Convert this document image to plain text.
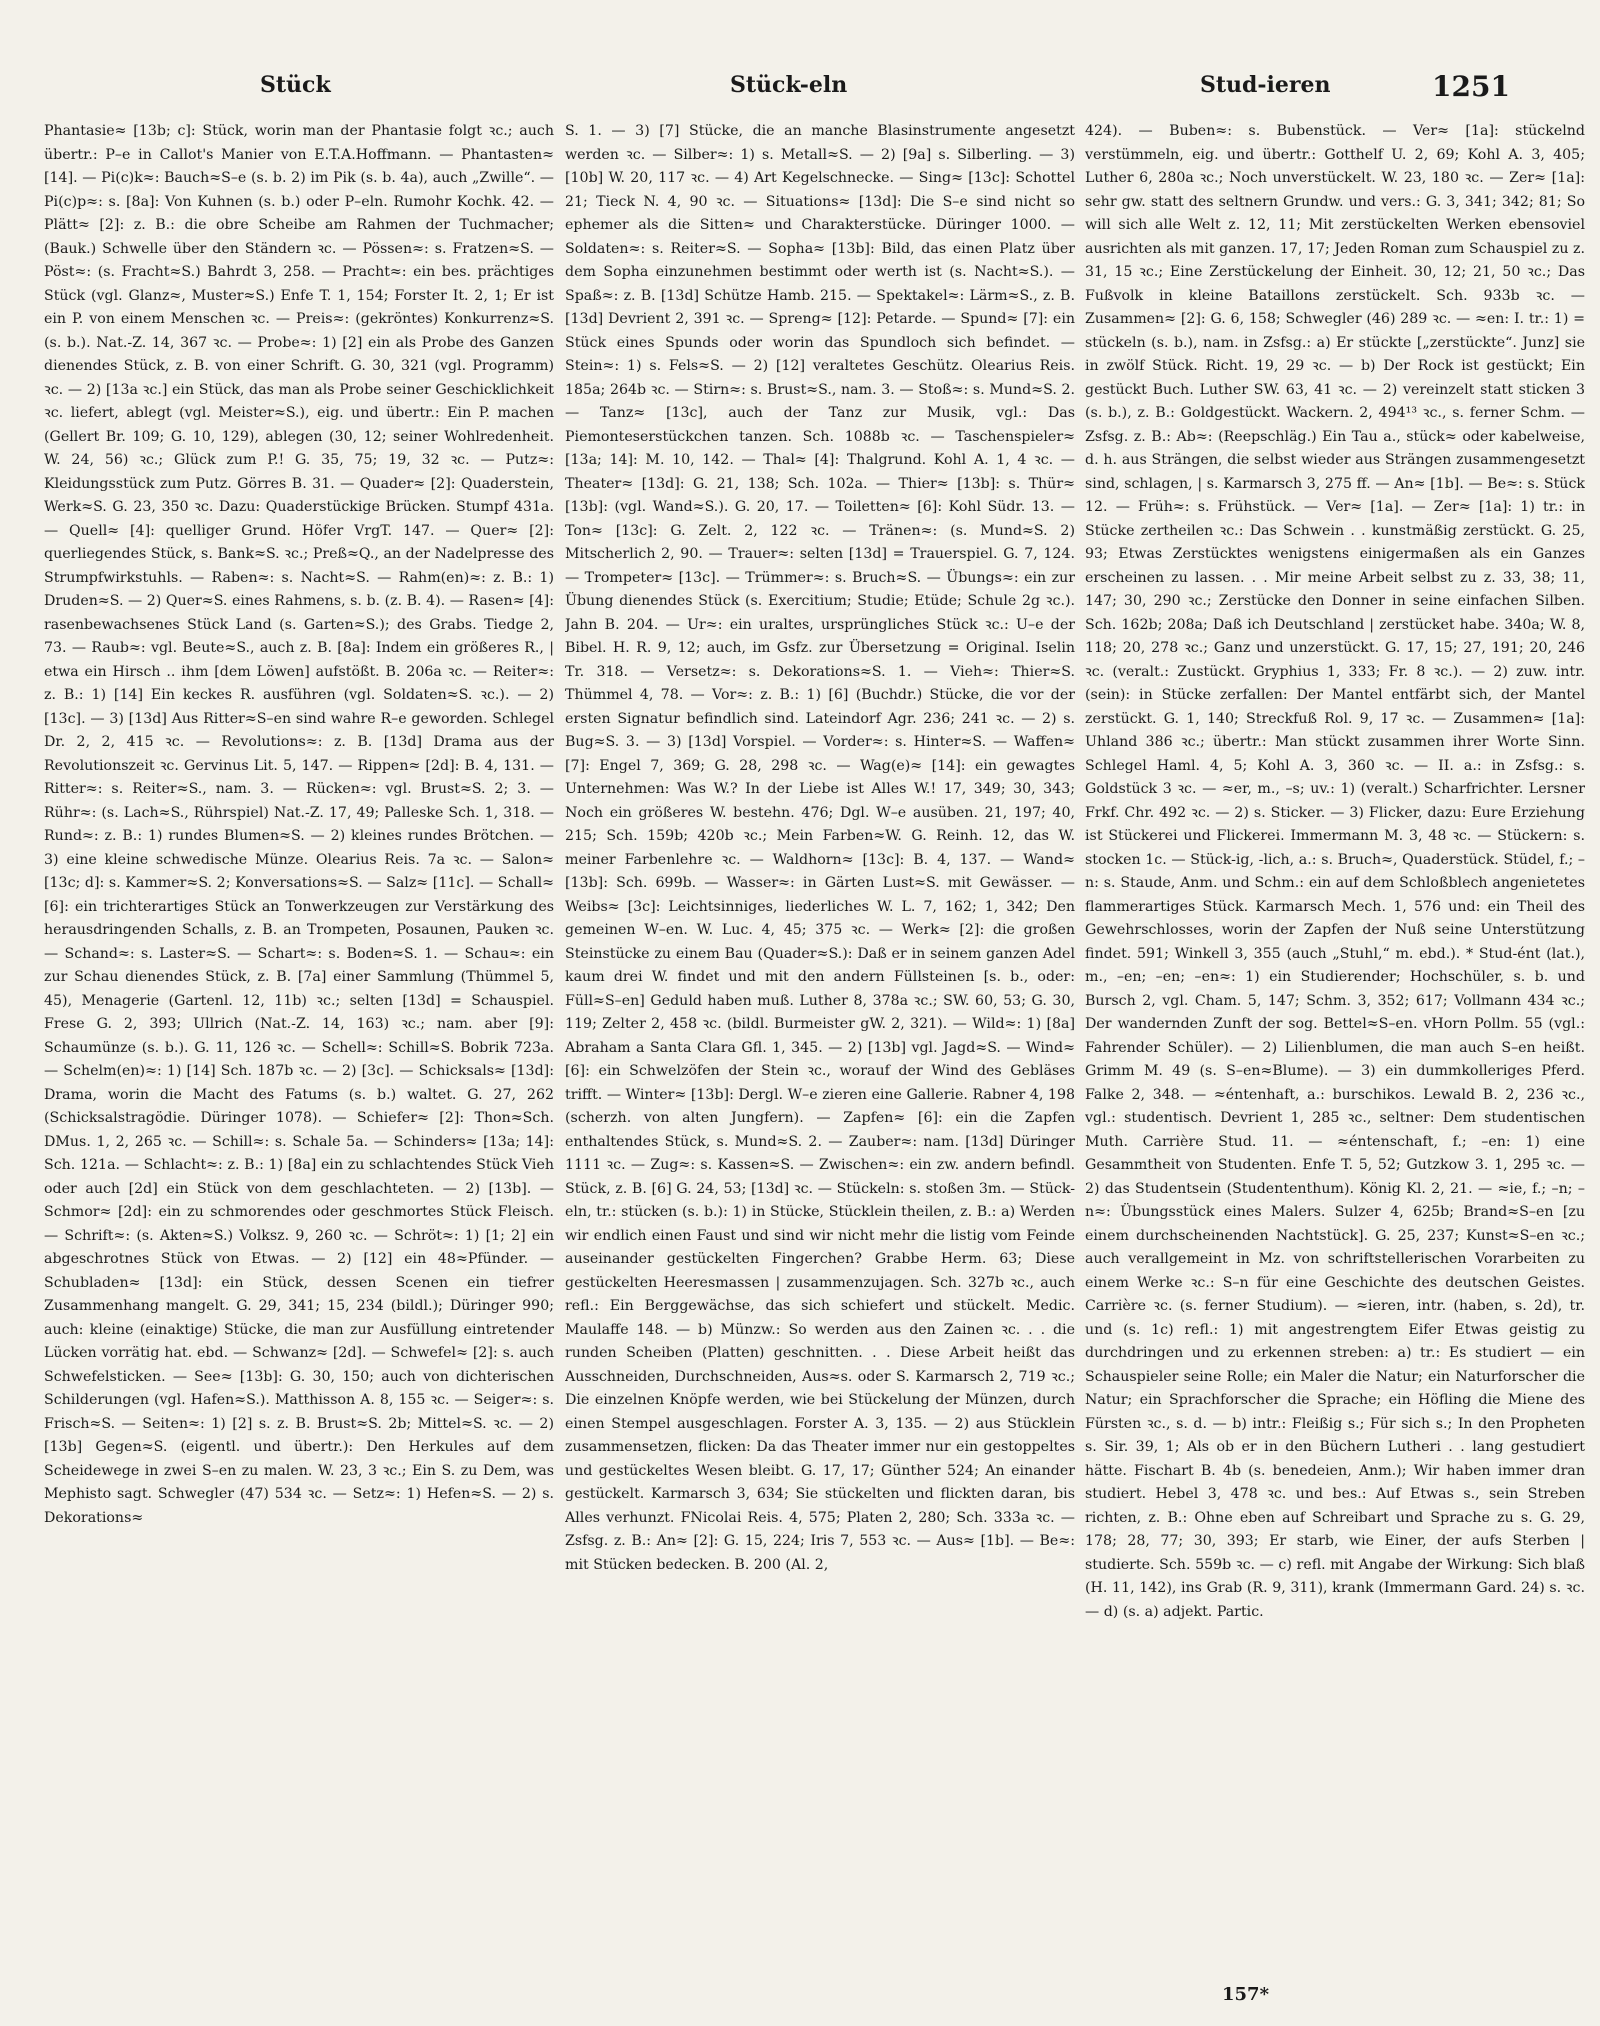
Stück	Stück-eln	Stud-ieren	1251

Phantasie≈ [13b; c]: Stück, worin man der Phantasie folgt ꝛc.; auch übertr.: P–e in Callot's Manier von E.T.A.Hoffmann. — Phantasten≈ [14]. — Pi(c)k≈: Bauch≈S–e (s. b. 2) im Pik (s. b. 4a), auch „Zwille“. — Pi(c)p≈: s. [8a]: Von Kuhnen (s. b.) oder P–eln. Rumohr Kochk. 42. — Plätt≈ [2]: z. B.: die obre Scheibe am Rahmen der Tuchmacher; (Bauk.) Schwelle über den Ständern ꝛc. — Pössen≈: s. Fratzen≈S. — Pöst≈: (s. Fracht≈S.) Bahrdt 3, 258. — Pracht≈: ein bes. prächtiges Stück (vgl. Glanz≈, Muster≈S.) Enfe T. 1, 154; Forster It. 2, 1; Er ist ein P. von einem Menschen ꝛc. — Preis≈: (gekröntes) Konkurrenz≈S. (s. b.). Nat.-Z. 14, 367 ꝛc. — Probe≈: 1) [2] ein als Probe des Ganzen dienendes Stück, z. B. von einer Schrift. G. 30, 321 (vgl. Programm) ꝛc. — 2) [13a ꝛc.] ein Stück, das man als Probe seiner Geschicklichkeit ꝛc. liefert, ablegt (vgl. Meister≈S.), eig. und übertr.: Ein P. machen (Gellert Br. 109; G. 10, 129), ablegen (30, 12; seiner Wohlredenheit. W. 24, 56) ꝛc.; Glück zum P.! G. 35, 75; 19, 32 ꝛc. — Putz≈: Kleidungsstück zum Putz. Görres B. 31. — Quader≈ [2]: Quaderstein, Werk≈S. G. 23, 350 ꝛc. Dazu: Quaderstückige Brücken. Stumpf 431a. — Quell≈ [4]: quelliger Grund. Höfer VrgT. 147. — Quer≈ [2]: querliegendes Stück, s. Bank≈S. ꝛc.; Preß≈Q., an der Nadelpresse des Strumpfwirkstuhls. — Raben≈: s. Nacht≈S. — Rahm(en)≈: z. B.: 1) Druden≈S. — 2) Quer≈S. eines Rahmens, s. b. (z. B. 4). — Rasen≈ [4]: rasenbewachsenes Stück Land (s. Garten≈S.); des Grabs. Tiedge 2, 73. — Raub≈: vgl. Beute≈S., auch z. B. [8a]: Indem ein größeres R., | etwa ein Hirsch .. ihm [dem Löwen] aufstößt. B. 206a ꝛc. — Reiter≈: z. B.: 1) [14] Ein keckes R. ausführen (vgl. Soldaten≈S. ꝛc.). — 2) [13c]. — 3) [13d] Aus Ritter≈S–en sind wahre R–e geworden. Schlegel Dr. 2, 2, 415 ꝛc. — Revolutions≈: z. B. [13d] Drama aus der Revolutionszeit ꝛc. Gervinus Lit. 5, 147. — Rippen≈ [2d]: B. 4, 131. — Ritter≈: s. Reiter≈S., nam. 3. — Rücken≈: vgl. Brust≈S. 2; 3. — Rühr≈: (s. Lach≈S., Rührspiel) Nat.-Z. 17, 49; Palleske Sch. 1, 318. — Rund≈: z. B.: 1) rundes Blumen≈S. — 2) kleines rundes Brötchen. — 3) eine kleine schwedische Münze. Olearius Reis. 7a ꝛc. — Salon≈ [13c; d]: s. Kammer≈S. 2; Konversations≈S. — Salz≈ [11c]. — Schall≈ [6]: ein trichterartiges Stück an Tonwerkzeugen zur Verstärkung des herausdringenden Schalls, z. B. an Trompeten, Posaunen, Pauken ꝛc. — Schand≈: s. Laster≈S. — Schart≈: s. Boden≈S. 1. — Schau≈: ein zur Schau dienendes Stück, z. B. [7a] einer Sammlung (Thümmel 5, 45), Menagerie (Gartenl. 12, 11b) ꝛc.; selten [13d] = Schauspiel. Frese G. 2, 393; Ullrich (Nat.-Z. 14, 163) ꝛc.; nam. aber [9]: Schaumünze (s. b.). G. 11, 126 ꝛc. — Schell≈: Schill≈S. Bobrik 723a. — Schelm(en)≈: 1) [14] Sch. 187b ꝛc. — 2) [3c]. — Schicksals≈ [13d]: Drama, worin die Macht des Fatums (s. b.) waltet. G. 27, 262 (Schicksalstragödie. Düringer 1078). — Schiefer≈ [2]: Thon≈Sch. DMus. 1, 2, 265 ꝛc. — Schill≈: s. Schale 5a. — Schinders≈ [13a; 14]: Sch. 121a. — Schlacht≈: z. B.: 1) [8a] ein zu schlachtendes Stück Vieh oder auch [2d] ein Stück von dem geschlachteten. — 2) [13b]. — Schmor≈ [2d]: ein zu schmorendes oder geschmortes Stück Fleisch. — Schrift≈: (s. Akten≈S.) Volksz. 9, 260 ꝛc. — Schröt≈: 1) [1; 2] ein abgeschrotnes Stück von Etwas. — 2) [12] ein 48≈Pfünder. — Schubladen≈ [13d]: ein Stück, dessen Scenen ein tiefrer Zusammenhang mangelt. G. 29, 341; 15, 234 (bildl.); Düringer 990; auch: kleine (einaktige) Stücke, die man zur Ausfüllung eintretender Lücken vorrätig hat. ebd. — Schwanz≈ [2d]. — Schwefel≈ [2]: s. auch Schwefelsticken. — See≈ [13b]: G. 30, 150; auch von dichterischen Schilderungen (vgl. Hafen≈S.). Matthisson A. 8, 155 ꝛc. — Seiger≈: s. Frisch≈S. — Seiten≈: 1) [2] s. z. B. Brust≈S. 2b; Mittel≈S. ꝛc. — 2) [13b] Gegen≈S. (eigentl. und übertr.): Den Herkules auf dem Scheidewege in zwei S–en zu malen. W. 23, 3 ꝛc.; Ein S. zu Dem, was Mephisto sagt. Schwegler (47) 534 ꝛc. — Setz≈: 1) Hefen≈S. — 2) s. Dekorations≈

S. 1. — 3) [7] Stücke, die an manche Blasinstrumente angesetzt werden ꝛc. — Silber≈: 1) s. Metall≈S. — 2) [9a] s. Silberling. — 3) [10b] W. 20, 117 ꝛc. — 4) Art Kegelschnecke. — Sing≈ [13c]: Schottel 21; Tieck N. 4, 90 ꝛc. — Situations≈ [13d]: Die S–e sind nicht so ephemer als die Sitten≈ und Charakterstücke. Düringer 1000. — Soldaten≈: s. Reiter≈S. — Sopha≈ [13b]: Bild, das einen Platz über dem Sopha einzunehmen bestimmt oder werth ist (s. Nacht≈S.). — Spaß≈: z. B. [13d] Schütze Hamb. 215. — Spektakel≈: Lärm≈S., z. B. [13d] Devrient 2, 391 ꝛc. — Spreng≈ [12]: Petarde. — Spund≈ [7]: ein Stück eines Spunds oder worin das Spundloch sich befindet. — Stein≈: 1) s. Fels≈S. — 2) [12] veraltetes Geschütz. Olearius Reis. 185a; 264b ꝛc. — Stirn≈: s. Brust≈S., nam. 3. — Stoß≈: s. Mund≈S. 2. — Tanz≈ [13c], auch der Tanz zur Musik, vgl.: Das Piemonteserstückchen tanzen. Sch. 1088b ꝛc. — Taschenspieler≈ [13a; 14]: M. 10, 142. — Thal≈ [4]: Thalgrund. Kohl A. 1, 4 ꝛc. — Theater≈ [13d]: G. 21, 138; Sch. 102a. — Thier≈ [13b]: s. Thür≈ [13b]: (vgl. Wand≈S.). G. 20, 17. — Toiletten≈ [6]: Kohl Südr. 13. — Ton≈ [13c]: G. Zelt. 2, 122 ꝛc. — Tränen≈: (s. Mund≈S. 2) Mitscherlich 2, 90. — Trauer≈: selten [13d] = Trauerspiel. G. 7, 124. — Trompeter≈ [13c]. — Trümmer≈: s. Bruch≈S. — Übungs≈: ein zur Übung dienendes Stück (s. Exercitium; Studie; Etüde; Schule 2g ꝛc.). Jahn B. 204. — Ur≈: ein uraltes, ursprüngliches Stück ꝛc.: U–e der Bibel. H. R. 9, 12; auch, im Gsfz. zur Übersetzung = Original. Iselin Tr. 318. — Versetz≈: s. Dekorations≈S. 1. — Vieh≈: Thier≈S. Thümmel 4, 78. — Vor≈: z. B.: 1) [6] (Buchdr.) Stücke, die vor der ersten Signatur befindlich sind. Lateindorf Agr. 236; 241 ꝛc. — 2) s. Bug≈S. 3. — 3) [13d] Vorspiel. — Vorder≈: s. Hinter≈S. — Waffen≈ [7]: Engel 7, 369; G. 28, 298 ꝛc. — Wag(e)≈ [14]: ein gewagtes Unternehmen: Was W.? In der Liebe ist Alles W.! 17, 349; 30, 343; Noch ein größeres W. bestehn. 476; Dgl. W–e ausüben. 21, 197; 40, 215; Sch. 159b; 420b ꝛc.; Mein Farben≈W. G. Reinh. 12, das W. meiner Farbenlehre ꝛc. — Waldhorn≈ [13c]: B. 4, 137. — Wand≈ [13b]: Sch. 699b. — Wasser≈: in Gärten Lust≈S. mit Gewässer. — Weibs≈ [3c]: Leichtsinniges, liederliches W. L. 7, 162; 1, 342; Den gemeinen W–en. W. Luc. 4, 45; 375 ꝛc. — Werk≈ [2]: die großen Steinstücke zu einem Bau (Quader≈S.): Daß er in seinem ganzen Adel kaum drei W. findet und mit den andern Füllsteinen [s. b., oder: Füll≈S–en] Geduld haben muß. Luther 8, 378a ꝛc.; SW. 60, 53; G. 30, 119; Zelter 2, 458 ꝛc. (bildl. Burmeister gW. 2, 321). — Wild≈: 1) [8a] Abraham a Santa Clara Gfl. 1, 345. — 2) [13b] vgl. Jagd≈S. — Wind≈ [6]: ein Schwelzöfen der Stein ꝛc., worauf der Wind des Gebläses trifft. — Winter≈ [13b]: Dergl. W–e zieren eine Gallerie. Rabner 4, 198 (scherzh. von alten Jungfern). — Zapfen≈ [6]: ein die Zapfen enthaltendes Stück, s. Mund≈S. 2. — Zauber≈: nam. [13d] Düringer 1111 ꝛc. — Zug≈: s. Kassen≈S. — Zwischen≈: ein zw. andern befindl. Stück, z. B. [6] G. 24, 53; [13d] ꝛc. — Stückeln: s. stoßen 3m. — Stück-eln, tr.: stücken (s. b.): 1) in Stücke, Stücklein theilen, z. B.: a) Werden wir endlich einen Faust und sind wir nicht mehr die listig vom Feinde auseinander gestückelten Fingerchen? Grabbe Herm. 63; Diese gestückelten Heeresmassen | zusammenzujagen. Sch. 327b ꝛc., auch refl.: Ein Berggewächse, das sich schiefert und stückelt. Medic. Maulaffe 148. — b) Münzw.: So werden aus den Zainen ꝛc. . . die runden Scheiben (Platten) geschnitten. . . Diese Arbeit heißt das Ausschneiden, Durchschneiden, Aus≈s. oder S. Karmarsch 2, 719 ꝛc.; Die einzelnen Knöpfe werden, wie bei Stückelung der Münzen, durch einen Stempel ausgeschlagen. Forster A. 3, 135. — 2) aus Stücklein zusammensetzen, flicken: Da das Theater immer nur ein gestoppeltes und gestückeltes Wesen bleibt. G. 17, 17; Günther 524; An einander gestückelt. Karmarsch 3, 634; Sie stückelten und flickten daran, bis Alles verhunzt. FNicolai Reis. 4, 575; Platen 2, 280; Sch. 333a ꝛc. — Zsfsg. z. B.: An≈ [2]: G. 15, 224; Iris 7, 553 ꝛc. — Aus≈ [1b]. — Be≈: mit Stücken bedecken. B. 200 (Al. 2,

424). — Buben≈: s. Bubenstück. — Ver≈ [1a]: stückelnd verstümmeln, eig. und übertr.: Gotthelf U. 2, 69; Kohl A. 3, 405; Luther 6, 280a ꝛc.; Noch unverstückelt. W. 23, 180 ꝛc. — Zer≈ [1a]: sehr gw. statt des seltnern Grundw. und verѕ.: G. 3, 341; 342; 81; So will sich alle Welt z. 12, 11; Mit zerstückelten Werken ebensoviel ausrichten als mit ganzen. 17, 17; Jeden Roman zum Schauspiel zu z. 31, 15 ꝛc.; Eine Zerstückelung der Einheit. 30, 12; 21, 50 ꝛc.; Das Fußvolk in kleine Bataillons zerstückelt. Sch. 933b ꝛc. — Zusammen≈ [2]: G. 6, 158; Schwegler (46) 289 ꝛc. — ≈en: I. tr.: 1) = stückeln (s. b.), nam. in Zsfsg.: a) Er stückte [„zerstückte“. Junz] sie in zwölf Stück. Richt. 19, 29 ꝛc. — b) Der Rock ist gestückt; Ein gestückt Buch. Luther SW. 63, 41 ꝛc. — 2) vereinzelt statt sticken 3 (s. b.), z. B.: Goldgestückt. Wackern. 2, 494¹³ ꝛc., s. ferner Schm. — Zsfsg. z. B.: Ab≈: (Reepschläg.) Ein Tau a., stück≈ oder kabelweise, d. h. aus Strängen, die selbst wieder aus Strängen zusammengesetzt sind, schlagen, | s. Karmarsch 3, 275 ff. — An≈ [1b]. — Be≈: s. Stück 12. — Früh≈: s. Frühstück. — Ver≈ [1a]. — Zer≈ [1a]: 1) tr.: in Stücke zertheilen ꝛc.: Das Schwein . . kunstmäßig zerstückt. G. 25, 93; Etwas Zerstücktes wenigstens einigermaßen als ein Ganzes erscheinen zu lassen. . . Mir meine Arbeit selbst zu z. 33, 38; 11, 147; 30, 290 ꝛc.; Zerstücke den Donner in seine einfachen Silben. Sch. 162b; 208a; Daß ich Deutschland | zerstücket habe. 340a; W. 8, 118; 20, 278 ꝛc.; Ganz und unzerstückt. G. 17, 15; 27, 191; 20, 246 ꝛc. (veralt.: Zustückt. Gryphius 1, 333; Fr. 8 ꝛc.). — 2) zuw. intr. (sein): in Stücke zerfallen: Der Mantel entfärbt sich, der Mantel zerstückt. G. 1, 140; Streckfuß Rol. 9, 17 ꝛc. — Zusammen≈ [1a]: Uhland 386 ꝛc.; übertr.: Man stückt zusammen ihrer Worte Sinn. Schlegel Haml. 4, 5; Kohl A. 3, 360 ꝛc. — II. a.: in Zsfsg.: s. Goldstück 3 ꝛc. — ≈er, m., –s; uv.: 1) (veralt.) Scharfrichter. Lersner Frkf. Chr. 492 ꝛc. — 2) s. Sticker. — 3) Flicker, dazu: Eure Erziehung ist Stückerei und Flickerei. Immermann M. 3, 48 ꝛc. — Stückern: s. stocken 1c. — Stück-ig, -lich, a.: s. Bruch≈, Quaderstück. Stüdel, f.; –n: s. Staude, Anm. und Schm.: ein auf dem Schloßblech angenietetes flammerartiges Stück. Karmarsch Mech. 1, 576 und: ein Theil des Gewehrschlosses, worin der Zapfen der Nuß seine Unterstützung findet. 591; Winkell 3, 355 (auch „Stuhl,“ m. ebd.). * Stud-ént (lat.), m., –en; –en; –en≈: 1) ein Studierender; Hochschüler, s. b. und Bursch 2, vgl. Cham. 5, 147; Schm. 3, 352; 617; Vollmann 434 ꝛc.; Der wandernden Zunft der sog. Bettel≈S–en. vHorn Pollm. 55 (vgl.: Fahrender Schüler). — 2) Lilienblumen, die man auch S–en heißt. Grimm M. 49 (s. S–en≈Blume). — 3) ein dummkolleriges Pferd. Falke 2, 348. — ≈éntenhaft, a.: burschikos. Lewald B. 2, 236 ꝛc., vgl.: studentisch. Devrient 1, 285 ꝛc., seltner: Dem studentischen Muth. Carrière Stud. 11. — ≈éntenschaft, f.; –en: 1) eine Gesammtheit von Studenten. Enfe T. 5, 52; Gutzkow 3. 1, 295 ꝛc. — 2) das Studentsein (Studententhum). König Kl. 2, 21. — ≈ie, f.; –n; –n≈: Übungsstück eines Malers. Sulzer 4, 625b; Brand≈S–en [zu einem durchscheinenden Nachtstück]. G. 25, 237; Kunst≈S–en ꝛc.; auch verallgemeint in Mz. von schriftstellerischen Vorarbeiten zu einem Werke ꝛc.: S–n für eine Geschichte des deutschen Geistes. Carrière ꝛc. (s. ferner Studium). — ≈ieren, intr. (haben, s. 2d), tr. und (s. 1c) refl.: 1) mit angestrengtem Eifer Etwas geistig zu durchdringen und zu erkennen streben: a) tr.: Es studiert — ein Schauspieler seine Rolle; ein Maler die Natur; ein Naturforscher die Natur; ein Sprachforscher die Sprache; ein Höfling die Miene des Fürsten ꝛc., s. d. — b) intr.: Fleißig s.; Für sich s.; In den Propheten s. Sir. 39, 1; Als ob er in den Büchern Lutheri . . lang gestudiert hätte. Fischart B. 4b (s. benedeien, Anm.); Wir haben immer dran studiert. Hebel 3, 478 ꝛc. und bes.: Auf Etwas s., sein Streben richten, z. B.: Ohne eben auf Schreibart und Sprache zu s. G. 29, 178; 28, 77; 30, 393; Er starb, wie Einer, der aufs Sterben | studierte. Sch. 559b ꝛc. — c) refl. mit Angabe der Wirkung: Sich blaß (H. 11, 142), ins Grab (R. 9, 311), krank (Immermann Gard. 24) s. ꝛc. — d) (s. a) adjekt. Partic.

157*
